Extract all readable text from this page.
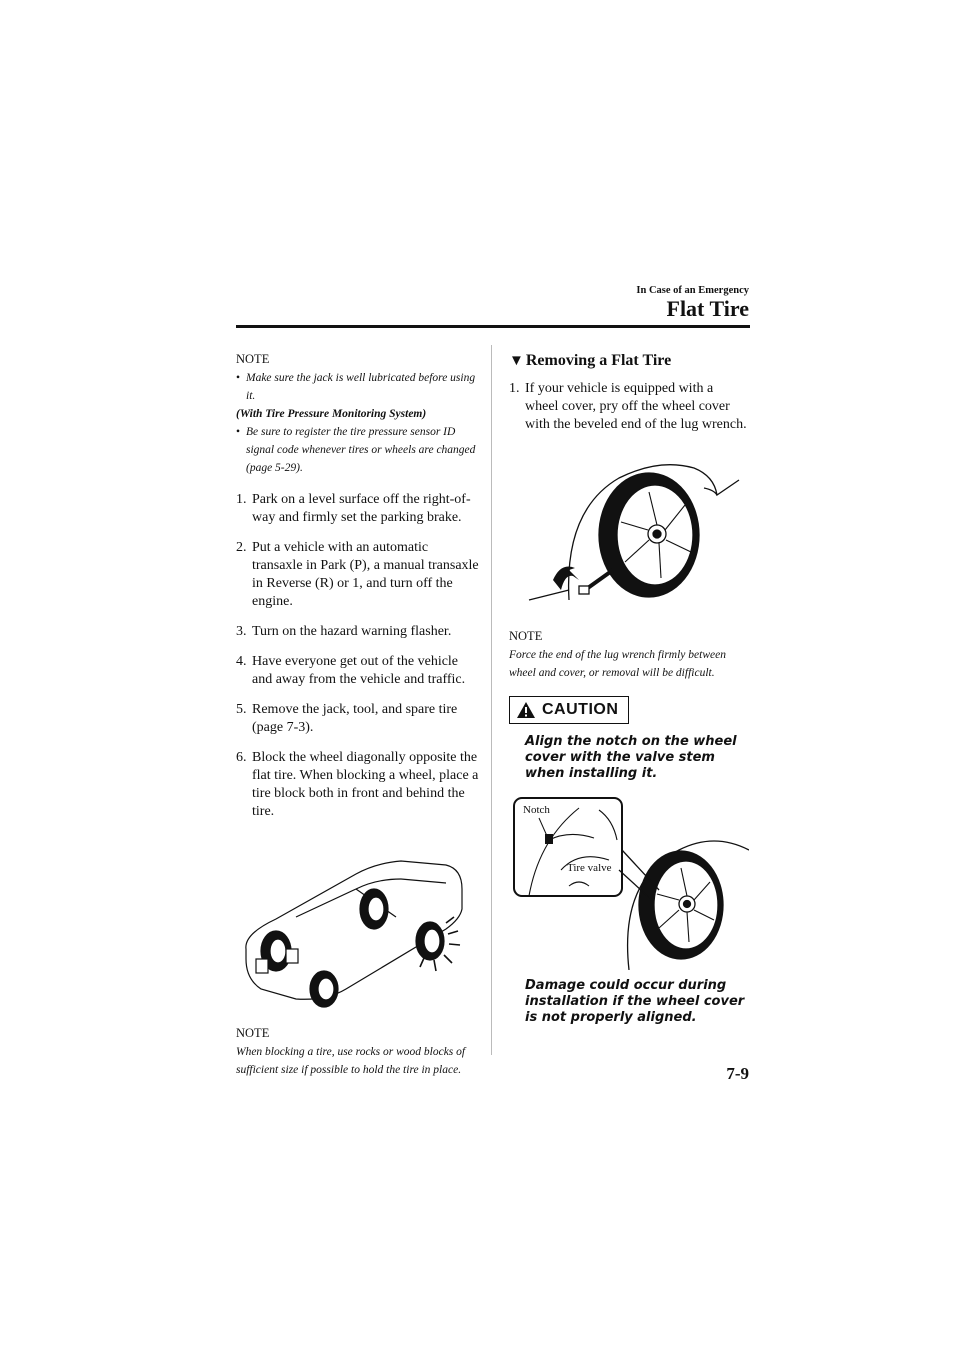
In Case of an Emergency
Flat Tire
NOTE
• Make sure the jack is well lubricated before using it.
(With Tire Pressure Monitoring System)
• Be sure to register the tire pressure sensor ID signal code whenever tires or wheels are changed (page 5-29).
1. Park on a level surface off the right-of-way and firmly set the parking brake.
2. Put a vehicle with an automatic transaxle in Park (P), a manual transaxle in Reverse (R) or 1, and turn off the engine.
3. Turn on the hazard warning flasher.
4. Have everyone get out of the vehicle and away from the vehicle and traffic.
5. Remove the jack, tool, and spare tire (page 7-3).
6. Block the wheel diagonally opposite the flat tire. When blocking a wheel, place a tire block both in front and behind the tire.
NOTE
When blocking a tire, use rocks or wood blocks of sufficient size if possible to hold the tire in place.
▼ Removing a Flat Tire
1. If your vehicle is equipped with a wheel cover, pry off the wheel cover with the beveled end of the lug wrench.
NOTE
Force the end of the lug wrench firmly between wheel and cover, or removal will be difficult.
CAUTION
Align the notch on the wheel cover with the valve stem when installing it.
Notch
Tire valve
Damage could occur during installation if the wheel cover is not properly aligned.
7-9
